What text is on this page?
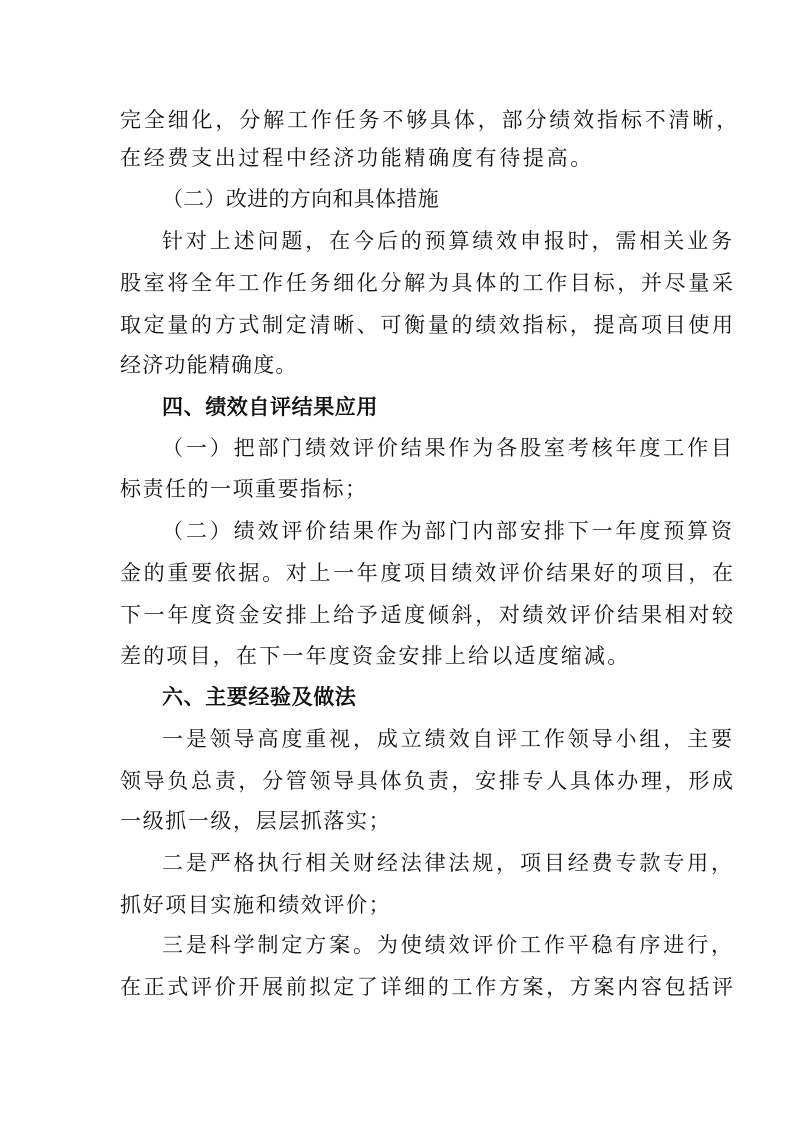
完全细化，分解工作任务不够具体，部分绩效指标不清晰，

在经费支出过程中经济功能精确度有待提高。

（二）改进的方向和具体措施

针对上述问题，在今后的预算绩效申报时，需相关业务

股室将全年工作任务细化分解为具体的工作目标，并尽量采

取定量的方式制定清晰、可衡量的绩效指标，提高项目使用

经济功能精确度。

四、绩效自评结果应用

（一）把部门绩效评价结果作为各股室考核年度工作目

标责任的一项重要指标；

（二）绩效评价结果作为部门内部安排下一年度预算资

金的重要依据。对上一年度项目绩效评价结果好的项目，在

下一年度资金安排上给予适度倾斜，对绩效评价结果相对较

差的项目，在下一年度资金安排上给以适度缩减。

六、主要经验及做法

一是领导高度重视，成立绩效自评工作领导小组，主要

领导负总责，分管领导具体负责，安排专人具体办理，形成

一级抓一级，层层抓落实；

二是严格执行相关财经法律法规，项目经费专款专用，

抓好项目实施和绩效评价；

三是科学制定方案。为使绩效评价工作平稳有序进行，

在正式评价开展前拟定了详细的工作方案，方案内容包括评
